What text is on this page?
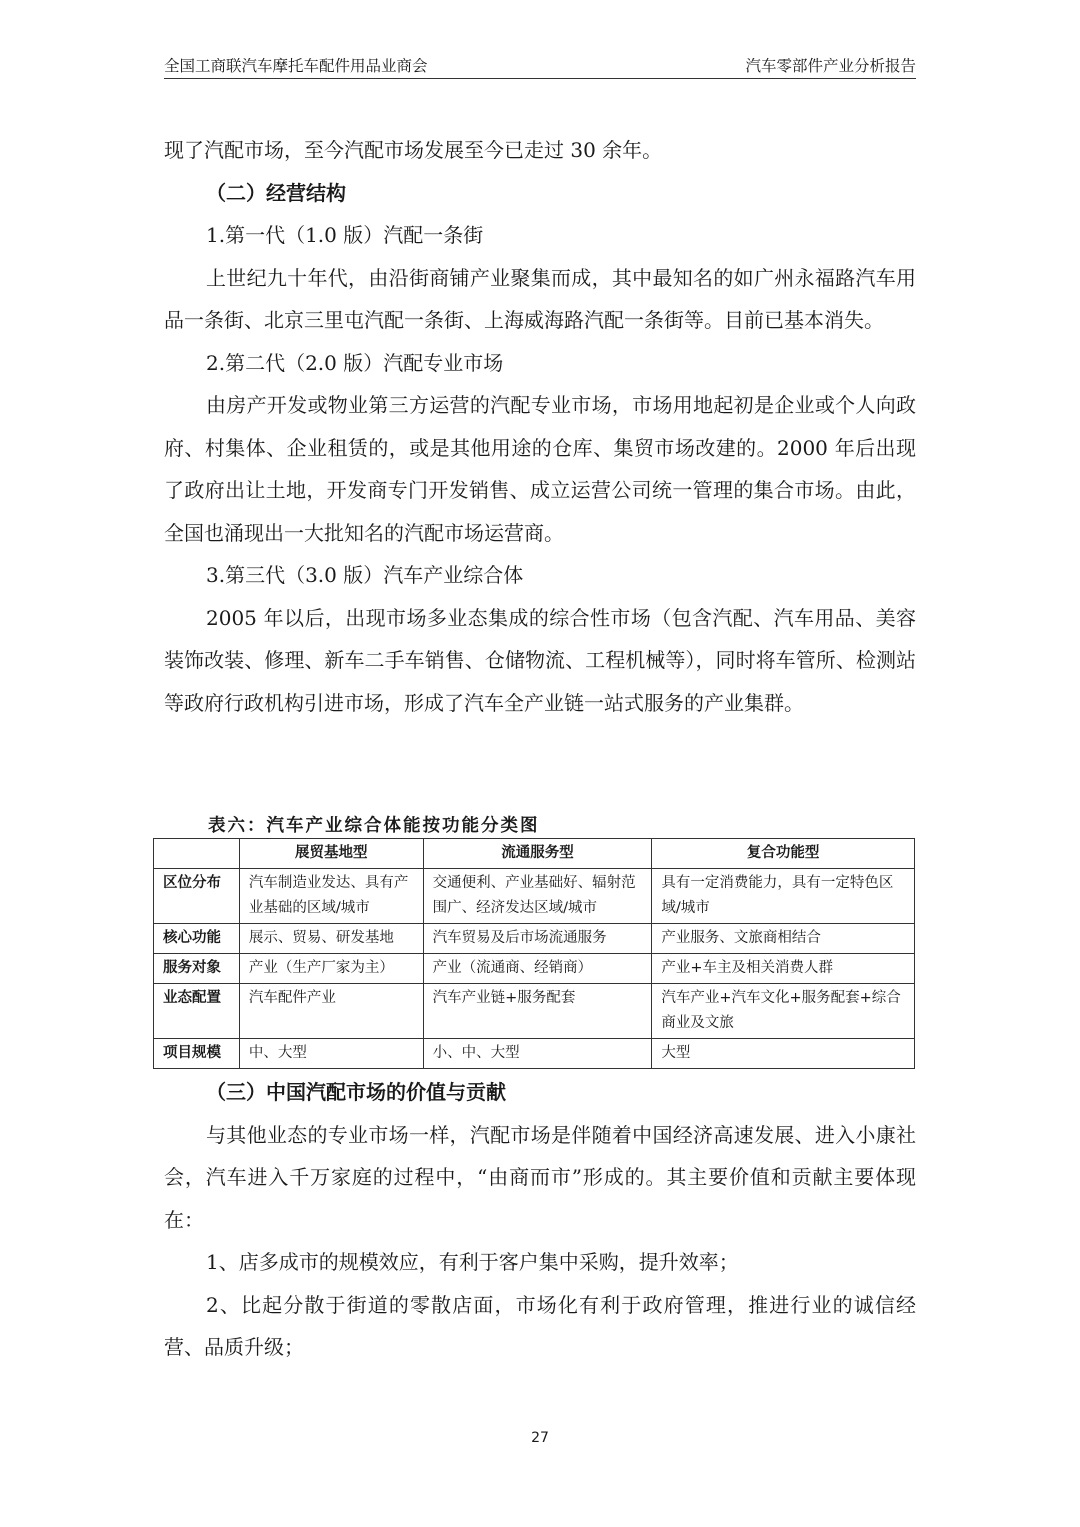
全国工商联汽车摩托车配件用品业商会	汽车零部件产业分析报告

现了汽配市场，至今汽配市场发展至今已走过 30 余年。

（二）经营结构

1.第一代（1.0 版）汽配一条街

上世纪九十年代，由沿街商铺产业聚集而成，其中最知名的如广州永福路汽车用品一条街、北京三里屯汽配一条街、上海威海路汽配一条街等。目前已基本消失。

2.第二代（2.0 版）汽配专业市场

由房产开发或物业第三方运营的汽配专业市场，市场用地起初是企业或个人向政府、村集体、企业租赁的，或是其他用途的仓库、集贸市场改建的。2000 年后出现了政府出让土地，开发商专门开发销售、成立运营公司统一管理的集合市场。由此，全国也涌现出一大批知名的汽配市场运营商。

3.第三代（3.0 版）汽车产业综合体

2005 年以后，出现市场多业态集成的综合性市场（包含汽配、汽车用品、美容装饰改装、修理、新车二手车销售、仓储物流、工程机械等），同时将车管所、检测站等政府行政机构引进市场，形成了汽车全产业链一站式服务的产业集群。

表六：汽车产业综合体能按功能分类图
	展贸基地型	流通服务型	复合功能型
区位分布	汽车制造业发达、具有产业基础的区域/城市	交通便利、产业基础好、辐射范围广、经济发达区域/城市	具有一定消费能力，具有一定特色区域/城市
核心功能	展示、贸易、研发基地	汽车贸易及后市场流通服务	产业服务、文旅商相结合
服务对象	产业（生产厂家为主）	产业（流通商、经销商）	产业+车主及相关消费人群
业态配置	汽车配件产业	汽车产业链+服务配套	汽车产业+汽车文化+服务配套+综合商业及文旅
项目规模	中、大型	小、中、大型	大型

（三）中国汽配市场的价值与贡献

与其他业态的专业市场一样，汽配市场是伴随着中国经济高速发展、进入小康社会，汽车进入千万家庭的过程中，“由商而市”形成的。其主要价值和贡献主要体现在：

1、店多成市的规模效应，有利于客户集中采购，提升效率；

2、比起分散于街道的零散店面，市场化有利于政府管理，推进行业的诚信经营、品质升级；

27
